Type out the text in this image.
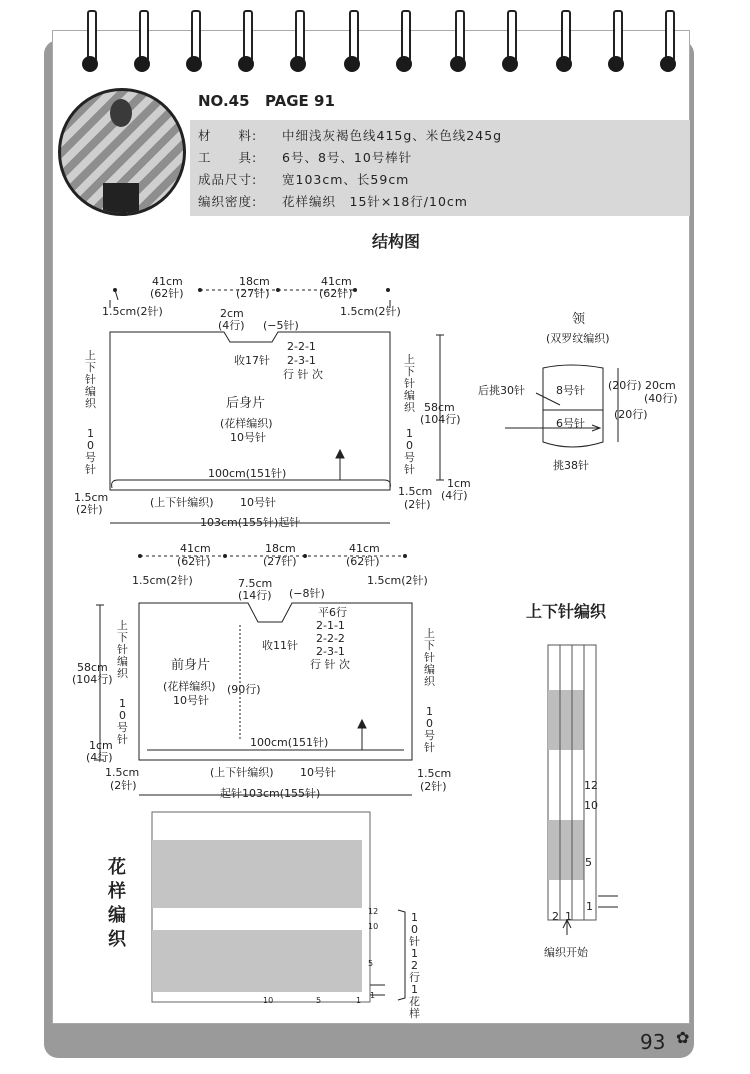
NO.45 PAGE 91
材　　料: 中细浅灰褐色线415g、米色线245g
工　　具: 6号、8号、10号棒针
成品尺寸: 宽103cm、长59cm
编织密度: 花样编织　15针×18行/10cm
结构图
41cm
(62针)
18cm
(27针)
41cm
(62针)
1.5cm(2针)	1.5cm(2针)
2cm
(4行) (−5针)
收17针
2-2-1
2-3-1
行 针 次
后身片
(花样编织)
10号针
上下针编织
10号针
上下针编织
10号针
58cm
(104行)
100cm(151针)
1cm
(4行)
1.5cm
(2针)
1.5cm
(2针)
(上下针编织) 10号针
103cm(155针)起针
领
(双罗纹编织)
8号针
6号针
后挑30针	(20行) 20cm
(40行)
(20行)
挑38针
41cm
(62针)
18cm
(27针)
41cm
(62针)
1.5cm(2针)	1.5cm(2针)
7.5cm
(14行) (−8针)
平6行
2-1-1
2-2-2
2-3-1
行 针 次
收11针
前身片
(花样编织)
10号针
(90行)
上下针编织
10号针
上下针编织
10号针
58cm
(104行)
1cm
(4行)
100cm(151针)
1.5cm
(2针)
1.5cm
(2针)
(上下针编织) 10号针
起针103cm(155针)
上下针编织
12
10
5
1
2 1
编织开始
花样编织
12
10
5
1
10	5	1
10针12行1花样
93 ✿
